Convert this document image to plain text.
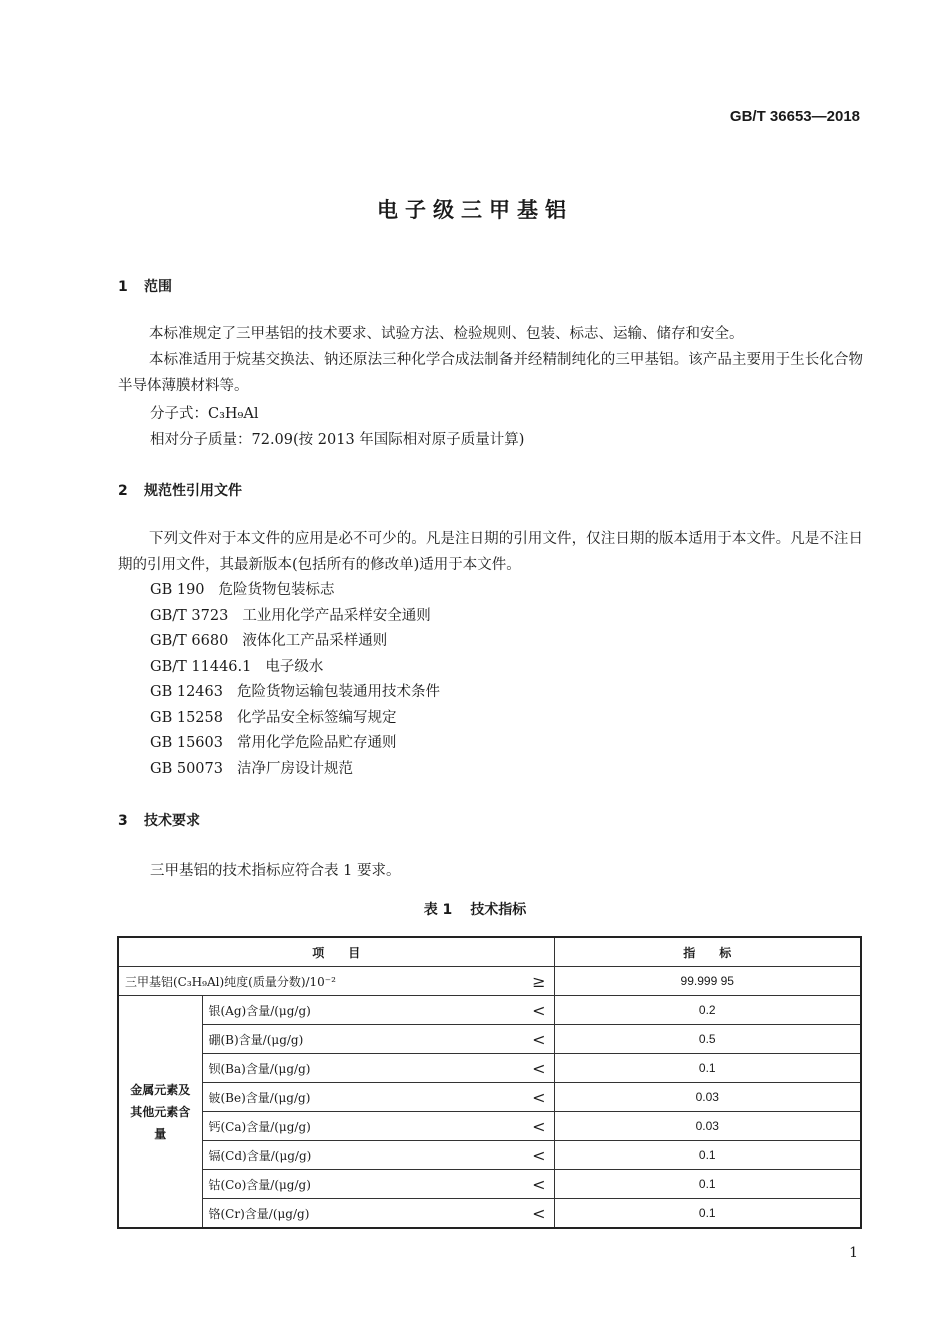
GB/T 36653—2018
电子级三甲基铝
1 范围

本标准规定了三甲基铝的技术要求、试验方法、检验规则、包装、标志、运输、储存和安全。

本标准适用于烷基交换法、钠还原法三种化学合成法制备并经精制纯化的三甲基铝。该产品主要用于生长化合物半导体薄膜材料等。

分子式：C₃H₉Al
相对分子质量：72.09(按 2013 年国际相对原子质量计算)
2 规范性引用文件

下列文件对于本文件的应用是必不可少的。凡是注日期的引用文件，仅注日期的版本适用于本文件。凡是不注日期的引用文件，其最新版本(包括所有的修改单)适用于本文件。

GB 190 危险货物包装标志
GB/T 3723 工业用化学产品采样安全通则
GB/T 6680 液体化工产品采样通则
GB/T 11446.1 电子级水
GB 12463 危险货物运输包装通用技术条件
GB 15258 化学品安全标签编写规定
GB 15603 常用化学危险品贮存通则
GB 50073 洁净厂房设计规范
3 技术要求
三甲基铝的技术指标应符合表 1 要求。
表 1 技术指标
项　　目			指　　标
三甲基铝(C₃H₉Al)纯度(质量分数)/10⁻²		≥	99.999 95
金属元素及其他元素含量	银(Ag)含量/(μg/g)	<	0.2
	硼(B)含量/(μg/g)	<	0.5
	钡(Ba)含量/(μg/g)	<	0.1
	铍(Be)含量/(μg/g)	<	0.03
	钙(Ca)含量/(μg/g)	<	0.03
	镉(Cd)含量/(μg/g)	<	0.1
	钴(Co)含量/(μg/g)	<	0.1
	铬(Cr)含量/(μg/g)	<	0.1
1
